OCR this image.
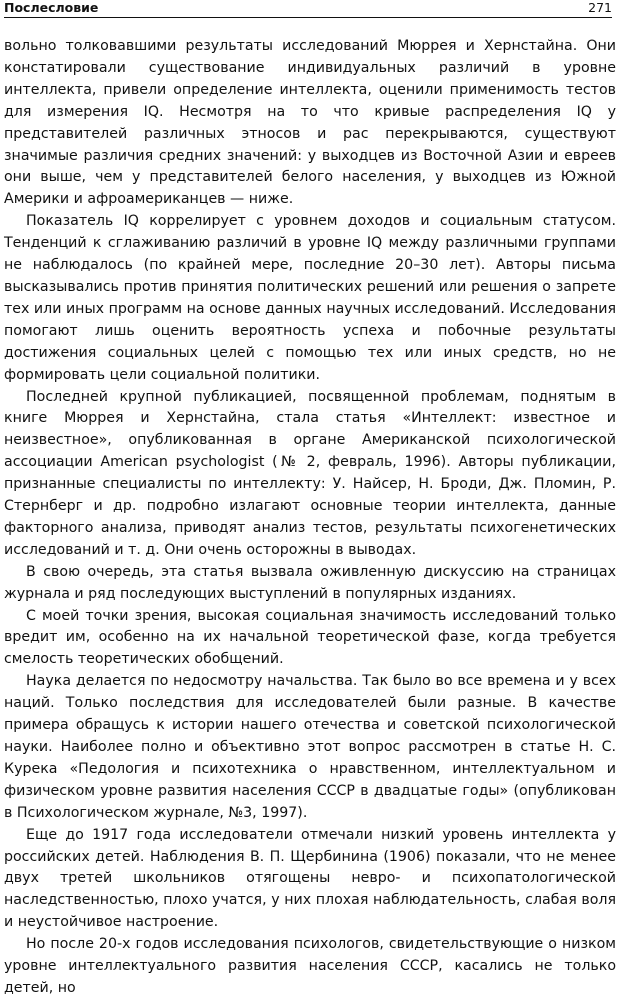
Послесловие	271

вольно толковавшими результаты исследований Мюррея и Хернстайна. Они констатировали существование индивидуальных различий в уровне интеллекта, привели определение интеллекта, оценили применимость тестов для измерения IQ. Несмотря на то что кривые распределения IQ у представителей различных этносов и рас перекрываются, существуют значимые различия средних значений: у выходцев из Восточной Азии и евреев они выше, чем у представителей белого населения, у выходцев из Южной Америки и афроамериканцев — ниже.

Показатель IQ коррелирует с уровнем доходов и социальным статусом. Тенденций к сглаживанию различий в уровне IQ между различными группами не наблюдалось (по крайней мере, последние 20–30 лет). Авторы письма высказывались против принятия политических решений или решения о запрете тех или иных программ на основе данных научных исследований. Исследования помогают лишь оценить вероятность успеха и побочные результаты достижения социальных целей с помощью тех или иных средств, но не формировать цели социальной политики.

Последней крупной публикацией, посвященной проблемам, поднятым в книге Мюррея и Хернстайна, стала статья «Интеллект: известное и неизвестное», опубликованная в органе Американской психологической ассоциации American psychologist (№ 2, февраль, 1996). Авторы публикации, признанные специалисты по интеллекту: У. Найсер, Н. Броди, Дж. Пломин, Р. Стернберг и др. подробно излагают основные теории интеллекта, данные факторного анализа, приводят анализ тестов, результаты психогенетических исследований и т. д. Они очень осторожны в выводах.

В свою очередь, эта статья вызвала оживленную дискуссию на страницах журнала и ряд последующих выступлений в популярных изданиях.

С моей точки зрения, высокая социальная значимость исследований только вредит им, особенно на их начальной теоретической фазе, когда требуется смелость теоретических обобщений.

Наука делается по недосмотру начальства. Так было во все времена и у всех наций. Только последствия для исследователей были разные. В качестве примера обращусь к истории нашего отечества и советской психологической науки. Наиболее полно и объективно этот вопрос рассмотрен в статье Н. С. Курека «Педология и психотехника о нравственном, интеллектуальном и физическом уровне развития населения СССР в двадцатые годы» (опубликован в Психологическом журнале, №3, 1997).

Еще до 1917 года исследователи отмечали низкий уровень интеллекта у российских детей. Наблюдения В. П. Щербинина (1906) показали, что не менее двух третей школьников отягощены невро- и психопатологической наследственностью, плохо учатся, у них плохая наблюдательность, слабая воля и неустойчивое настроение.

Но после 20-х годов исследования психологов, свидетельствующие о низком уровне интеллектуального развития населения СССР, касались не только детей, но
